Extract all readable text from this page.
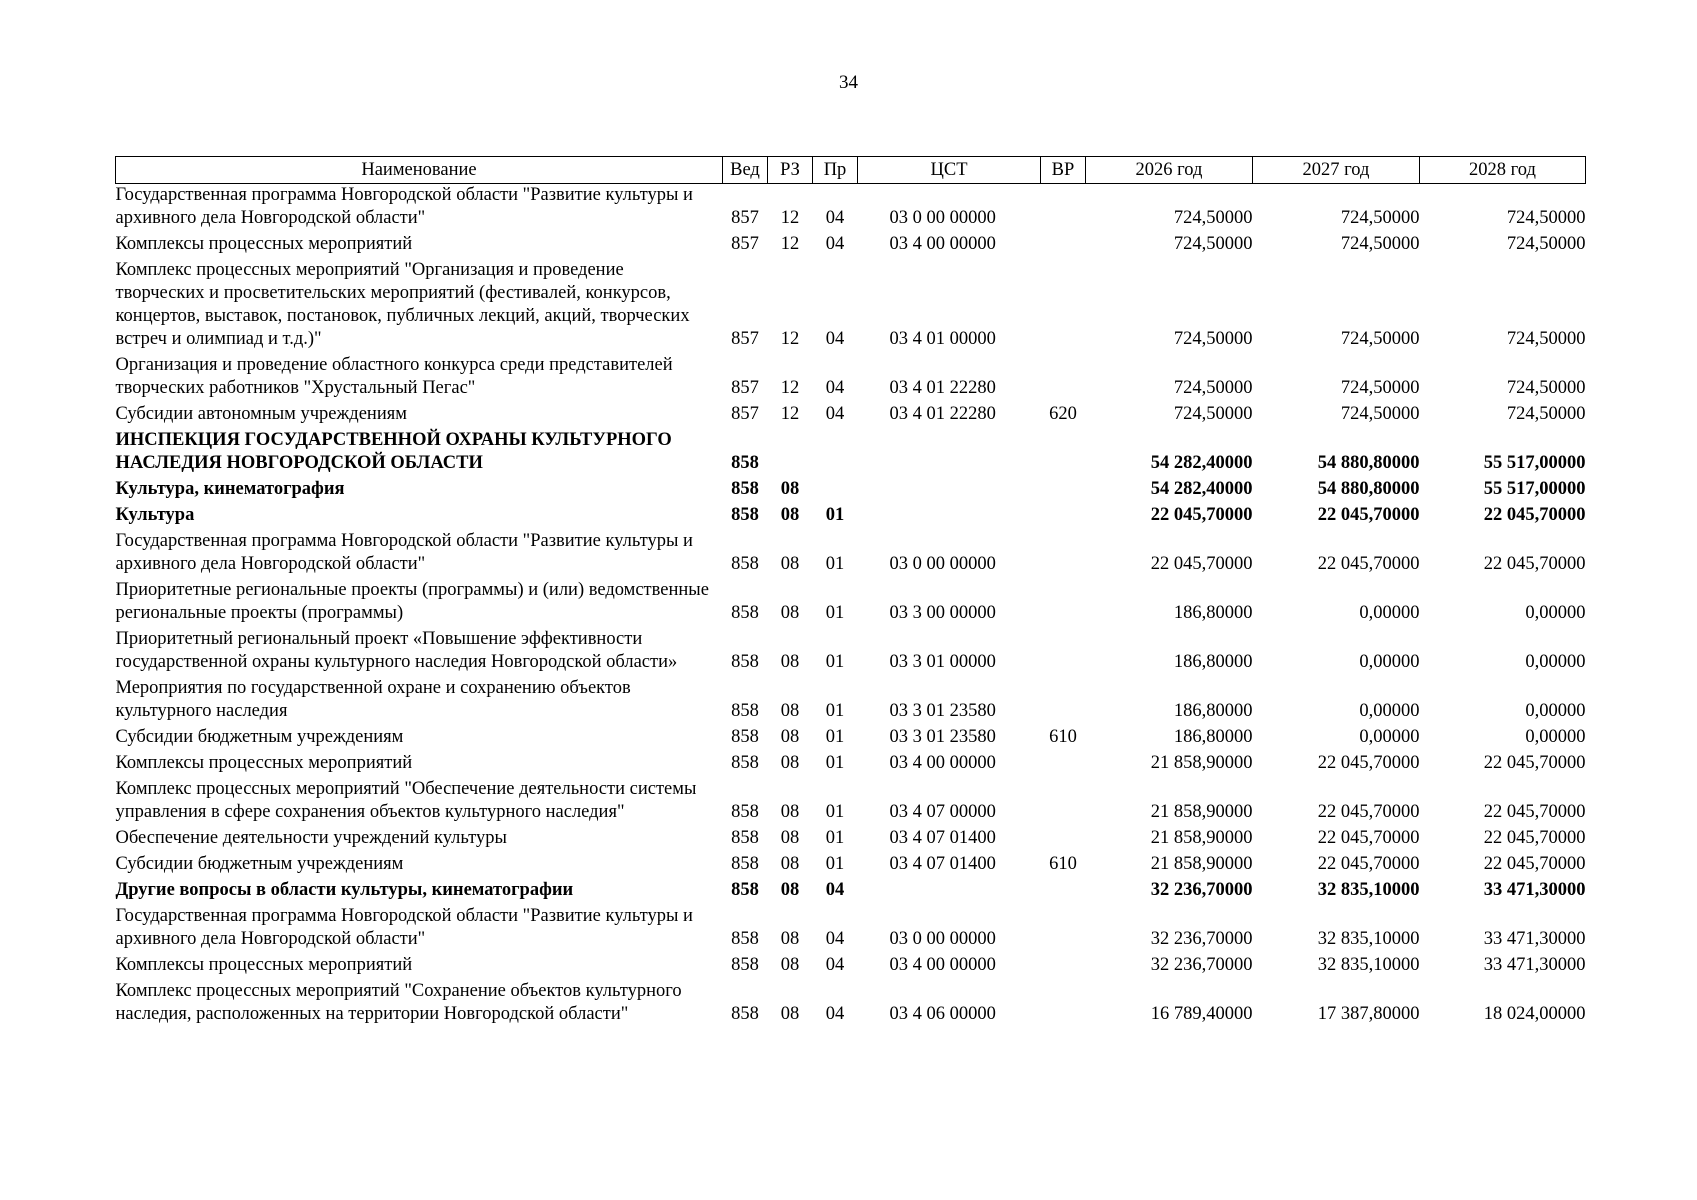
34
Наименование	Вед	РЗ	Пр	ЦСТ	ВР	2026 год	2027 год	2028 год
Государственная программа Новгородской области "Развитие культуры и архивного дела Новгородской области"	857	12	04	03 0 00 00000		724,50000	724,50000	724,50000
Комплексы процессных мероприятий	857	12	04	03 4 00 00000		724,50000	724,50000	724,50000
Комплекс процессных мероприятий "Организация и проведение творческих и просветительских мероприятий (фестивалей, конкурсов, концертов, выставок, постановок, публичных лекций, акций, творческих встреч и олимпиад и т.д.)"	857	12	04	03 4 01 00000		724,50000	724,50000	724,50000
Организация и проведение областного конкурса среди представителей творческих работников "Хрустальный Пегас"	857	12	04	03 4 01 22280		724,50000	724,50000	724,50000
Субсидии автономным учреждениям	857	12	04	03 4 01 22280	620	724,50000	724,50000	724,50000
ИНСПЕКЦИЯ ГОСУДАРСТВЕННОЙ ОХРАНЫ КУЛЬТУРНОГО НАСЛЕДИЯ НОВГОРОДСКОЙ ОБЛАСТИ	858					54 282,40000	54 880,80000	55 517,00000
Культура, кинематография	858	08				54 282,40000	54 880,80000	55 517,00000
Культура	858	08	01			22 045,70000	22 045,70000	22 045,70000
Государственная программа Новгородской области "Развитие культуры и архивного дела Новгородской области"	858	08	01	03 0 00 00000		22 045,70000	22 045,70000	22 045,70000
Приоритетные региональные проекты (программы) и (или) ведомственные региональные проекты (программы)	858	08	01	03 3 00 00000		186,80000	0,00000	0,00000
Приоритетный региональный проект «Повышение эффективности государственной охраны культурного наследия Новгородской области»	858	08	01	03 3 01 00000		186,80000	0,00000	0,00000
Мероприятия по государственной охране и сохранению объектов культурного наследия	858	08	01	03 3 01 23580		186,80000	0,00000	0,00000
Субсидии бюджетным учреждениям	858	08	01	03 3 01 23580	610	186,80000	0,00000	0,00000
Комплексы процессных мероприятий	858	08	01	03 4 00 00000		21 858,90000	22 045,70000	22 045,70000
Комплекс процессных мероприятий "Обеспечение деятельности системы управления в сфере сохранения объектов культурного наследия"	858	08	01	03 4 07 00000		21 858,90000	22 045,70000	22 045,70000
Обеспечение деятельности учреждений культуры	858	08	01	03 4 07 01400		21 858,90000	22 045,70000	22 045,70000
Субсидии бюджетным учреждениям	858	08	01	03 4 07 01400	610	21 858,90000	22 045,70000	22 045,70000
Другие вопросы в области культуры, кинематографии	858	08	04			32 236,70000	32 835,10000	33 471,30000
Государственная программа Новгородской области "Развитие культуры и архивного дела Новгородской области"	858	08	04	03 0 00 00000		32 236,70000	32 835,10000	33 471,30000
Комплексы процессных мероприятий	858	08	04	03 4 00 00000		32 236,70000	32 835,10000	33 471,30000
Комплекс процессных мероприятий "Сохранение объектов культурного наследия, расположенных на территории Новгородской области"	858	08	04	03 4 06 00000		16 789,40000	17 387,80000	18 024,00000
